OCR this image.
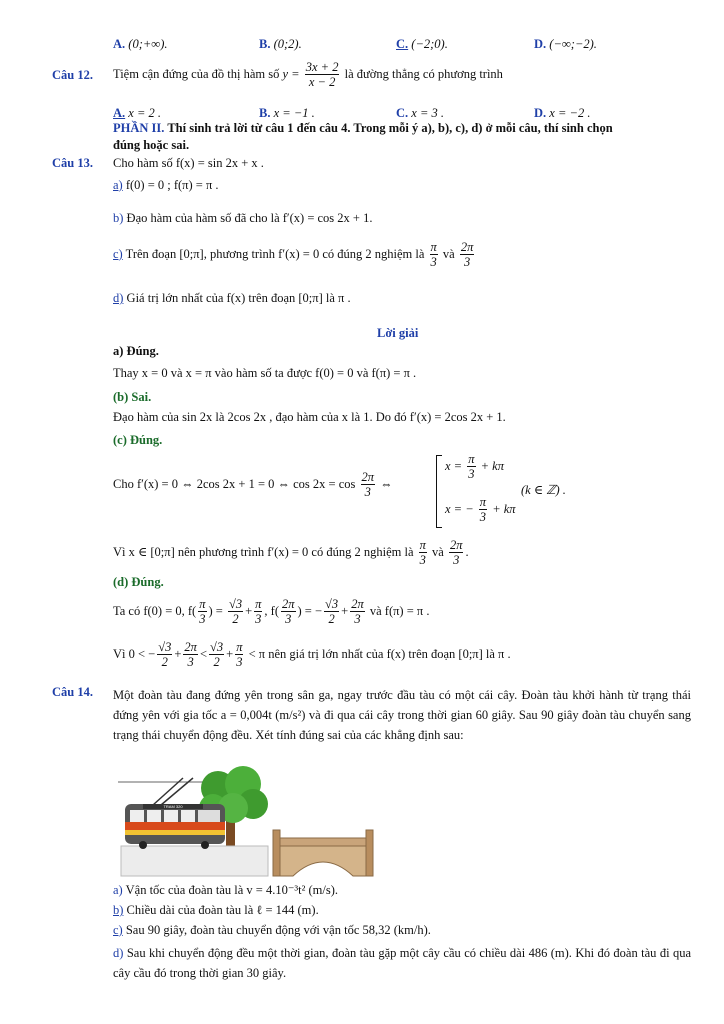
A. (0;+∞).	B. (0;2).	C. (−2;0).	D. (−∞;−2).
Câu 12. Tiệm cận đứng của đồ thị hàm số $y = \frac{3x + 2}{x - 2}$ là đường thẳng có phương trình
A. x = 2 .	B. x = −1 .	C. x = 3 .	D. x = −2 .
PHẦN II. Thí sinh trả lời từ câu 1 đến câu 4. Trong mỗi ý a), b), c), d) ở mỗi câu, thí sinh chọn
đúng hoặc sai.
Câu 13. Cho hàm số f(x) = sin 2x + x .
a) f(0) = 0 ; f(π) = π .
b) Đạo hàm của hàm số đã cho là f′(x) = cos 2x + 1.
c) Trên đoạn [0;π], phương trình f′(x) = 0 có đúng 2 nghiệm là $\frac{\pi}{3}$ và $\frac{2\pi}{3}$
d) Giá trị lớn nhất của f(x) trên đoạn [0;π] là π .
Lời giải
a) Đúng.
Thay x = 0 và x = π vào hàm số ta được f(0) = 0 và f(π) = π .
(b) Sai.
Đạo hàm của sin 2x là 2cos 2x , đạo hàm của x là 1. Do đó f′(x) = 2cos 2x + 1.
(c) Đúng.
Cho f′(x) = 0 ⇔ 2cos 2x + 1 = 0 ⇔ $\cos 2x = \cos \frac{2\pi}{3}$ ⇔
$x = \frac{\pi}{3} + k\pi$
x = − $\frac{\pi}{3} + k\pi$
(k ∈ ℤ) .
Vì x ∈ [0;π] nên phương trình f′(x) = 0 có đúng 2 nghiệm là $\frac{\pi}{3}$ và $\frac{2\pi}{3}$ .
(d) Đúng.
Ta có f(0) = 0, $f( \frac{\pi}{3}$ ) = $\frac{√3}{2} + \frac{\pi}{3}$ , $f( \frac{2\pi}{3}$ ) = − $\frac{√3}{2} + \frac{2\pi}{3}$ và f(π) = π .
Vì 0 < − $\frac{√3}{2} + \frac{2\pi}{3} < \frac{√3}{2} + \frac{\pi}{3} < \pi$ nên giá trị lớn nhất của f(x) trên đoạn [0;π] là π .
Câu 14. Một đoàn tàu đang đứng yên trong sân ga, ngay trước đầu tàu có một cái cây. Đoàn tàu khởi hành từ trạng thái đứng yên với gia tốc a = 0,004t (m/s²) và đi qua cái cây trong thời gian 60 giây. Sau 90 giây đoàn tàu chuyển sang trạng thái chuyển động đều. Xét tính đúng sai của các khẳng định sau:
TRAM 320
a) Vận tốc của đoàn tàu là v = 4.10⁻³t² (m/s).
b) Chiều dài của đoàn tàu là ℓ = 144 (m).
c) Sau 90 giây, đoàn tàu chuyển động với vận tốc 58,32 (km/h).
d) Sau khi chuyển động đều một thời gian, đoàn tàu gặp một cây cầu có chiều dài 486 (m). Khi đó đoàn tàu đi qua cây cầu đó trong thời gian 30 giây.
